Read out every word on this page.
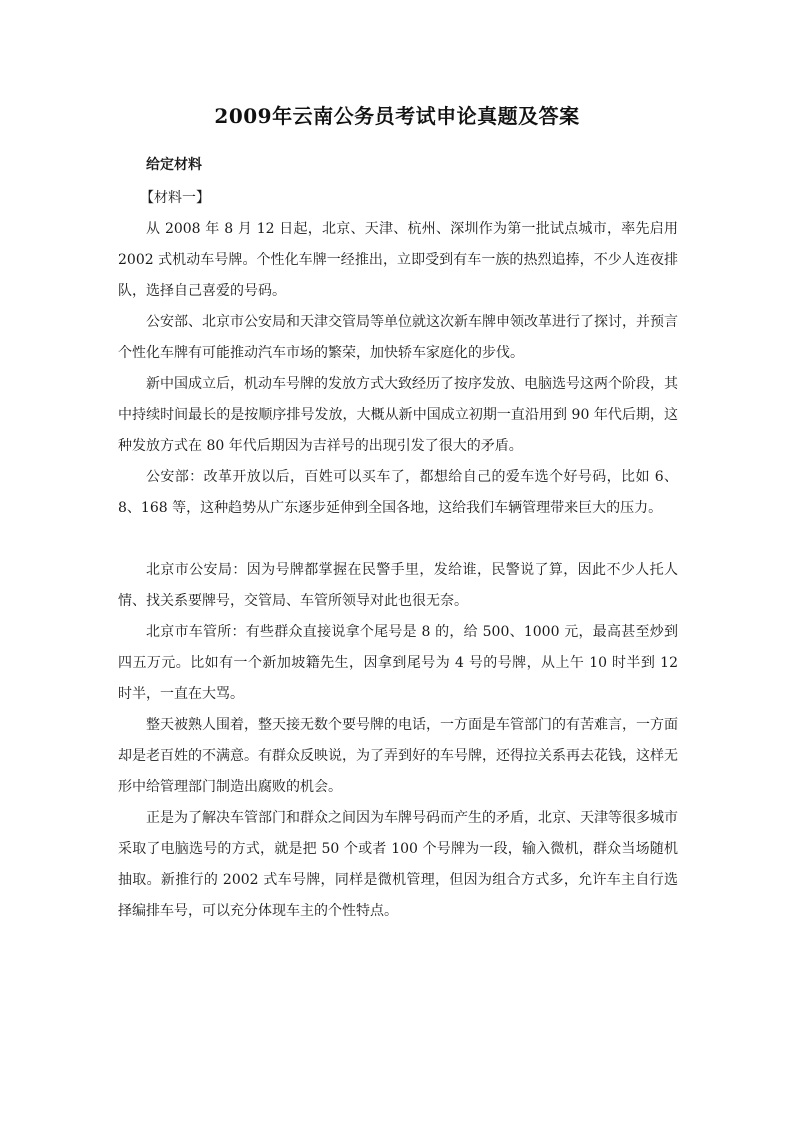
2009年云南公务员考试申论真题及答案

给定材料

【材料一】

从 2008 年 8 月 12 日起，北京、天津、杭州、深圳作为第一批试点城市，率先启用 2002 式机动车号牌。个性化车牌一经推出，立即受到有车一族的热烈追捧，不少人连夜排队，选择自己喜爱的号码。

公安部、北京市公安局和天津交管局等单位就这次新车牌申领改革进行了探讨，并预言个性化车牌有可能推动汽车市场的繁荣，加快轿车家庭化的步伐。

新中国成立后，机动车号牌的发放方式大致经历了按序发放、电脑选号这两个阶段，其中持续时间最长的是按顺序排号发放，大概从新中国成立初期一直沿用到 90 年代后期，这种发放方式在 80 年代后期因为吉祥号的出现引发了很大的矛盾。

公安部：改革开放以后，百姓可以买车了，都想给自己的爱车选个好号码，比如 6、8、168 等，这种趋势从广东逐步延伸到全国各地，这给我们车辆管理带来巨大的压力。

北京市公安局：因为号牌都掌握在民警手里，发给谁，民警说了算，因此不少人托人情、找关系要牌号，交管局、车管所领导对此也很无奈。

北京市车管所：有些群众直接说拿个尾号是 8 的，给 500、1000 元，最高甚至炒到四五万元。比如有一个新加坡籍先生，因拿到尾号为 4 号的号牌，从上午 10 时半到 12 时半，一直在大骂。

整天被熟人围着，整天接无数个要号牌的电话，一方面是车管部门的有苦难言，一方面却是老百姓的不满意。有群众反映说，为了弄到好的车号牌，还得拉关系再去花钱，这样无形中给管理部门制造出腐败的机会。

正是为了解决车管部门和群众之间因为车牌号码而产生的矛盾，北京、天津等很多城市采取了电脑选号的方式，就是把 50 个或者 100 个号牌为一段，输入微机，群众当场随机抽取。新推行的 2002 式车号牌，同样是微机管理，但因为组合方式多，允许车主自行选择编排车号，可以充分体现车主的个性特点。
